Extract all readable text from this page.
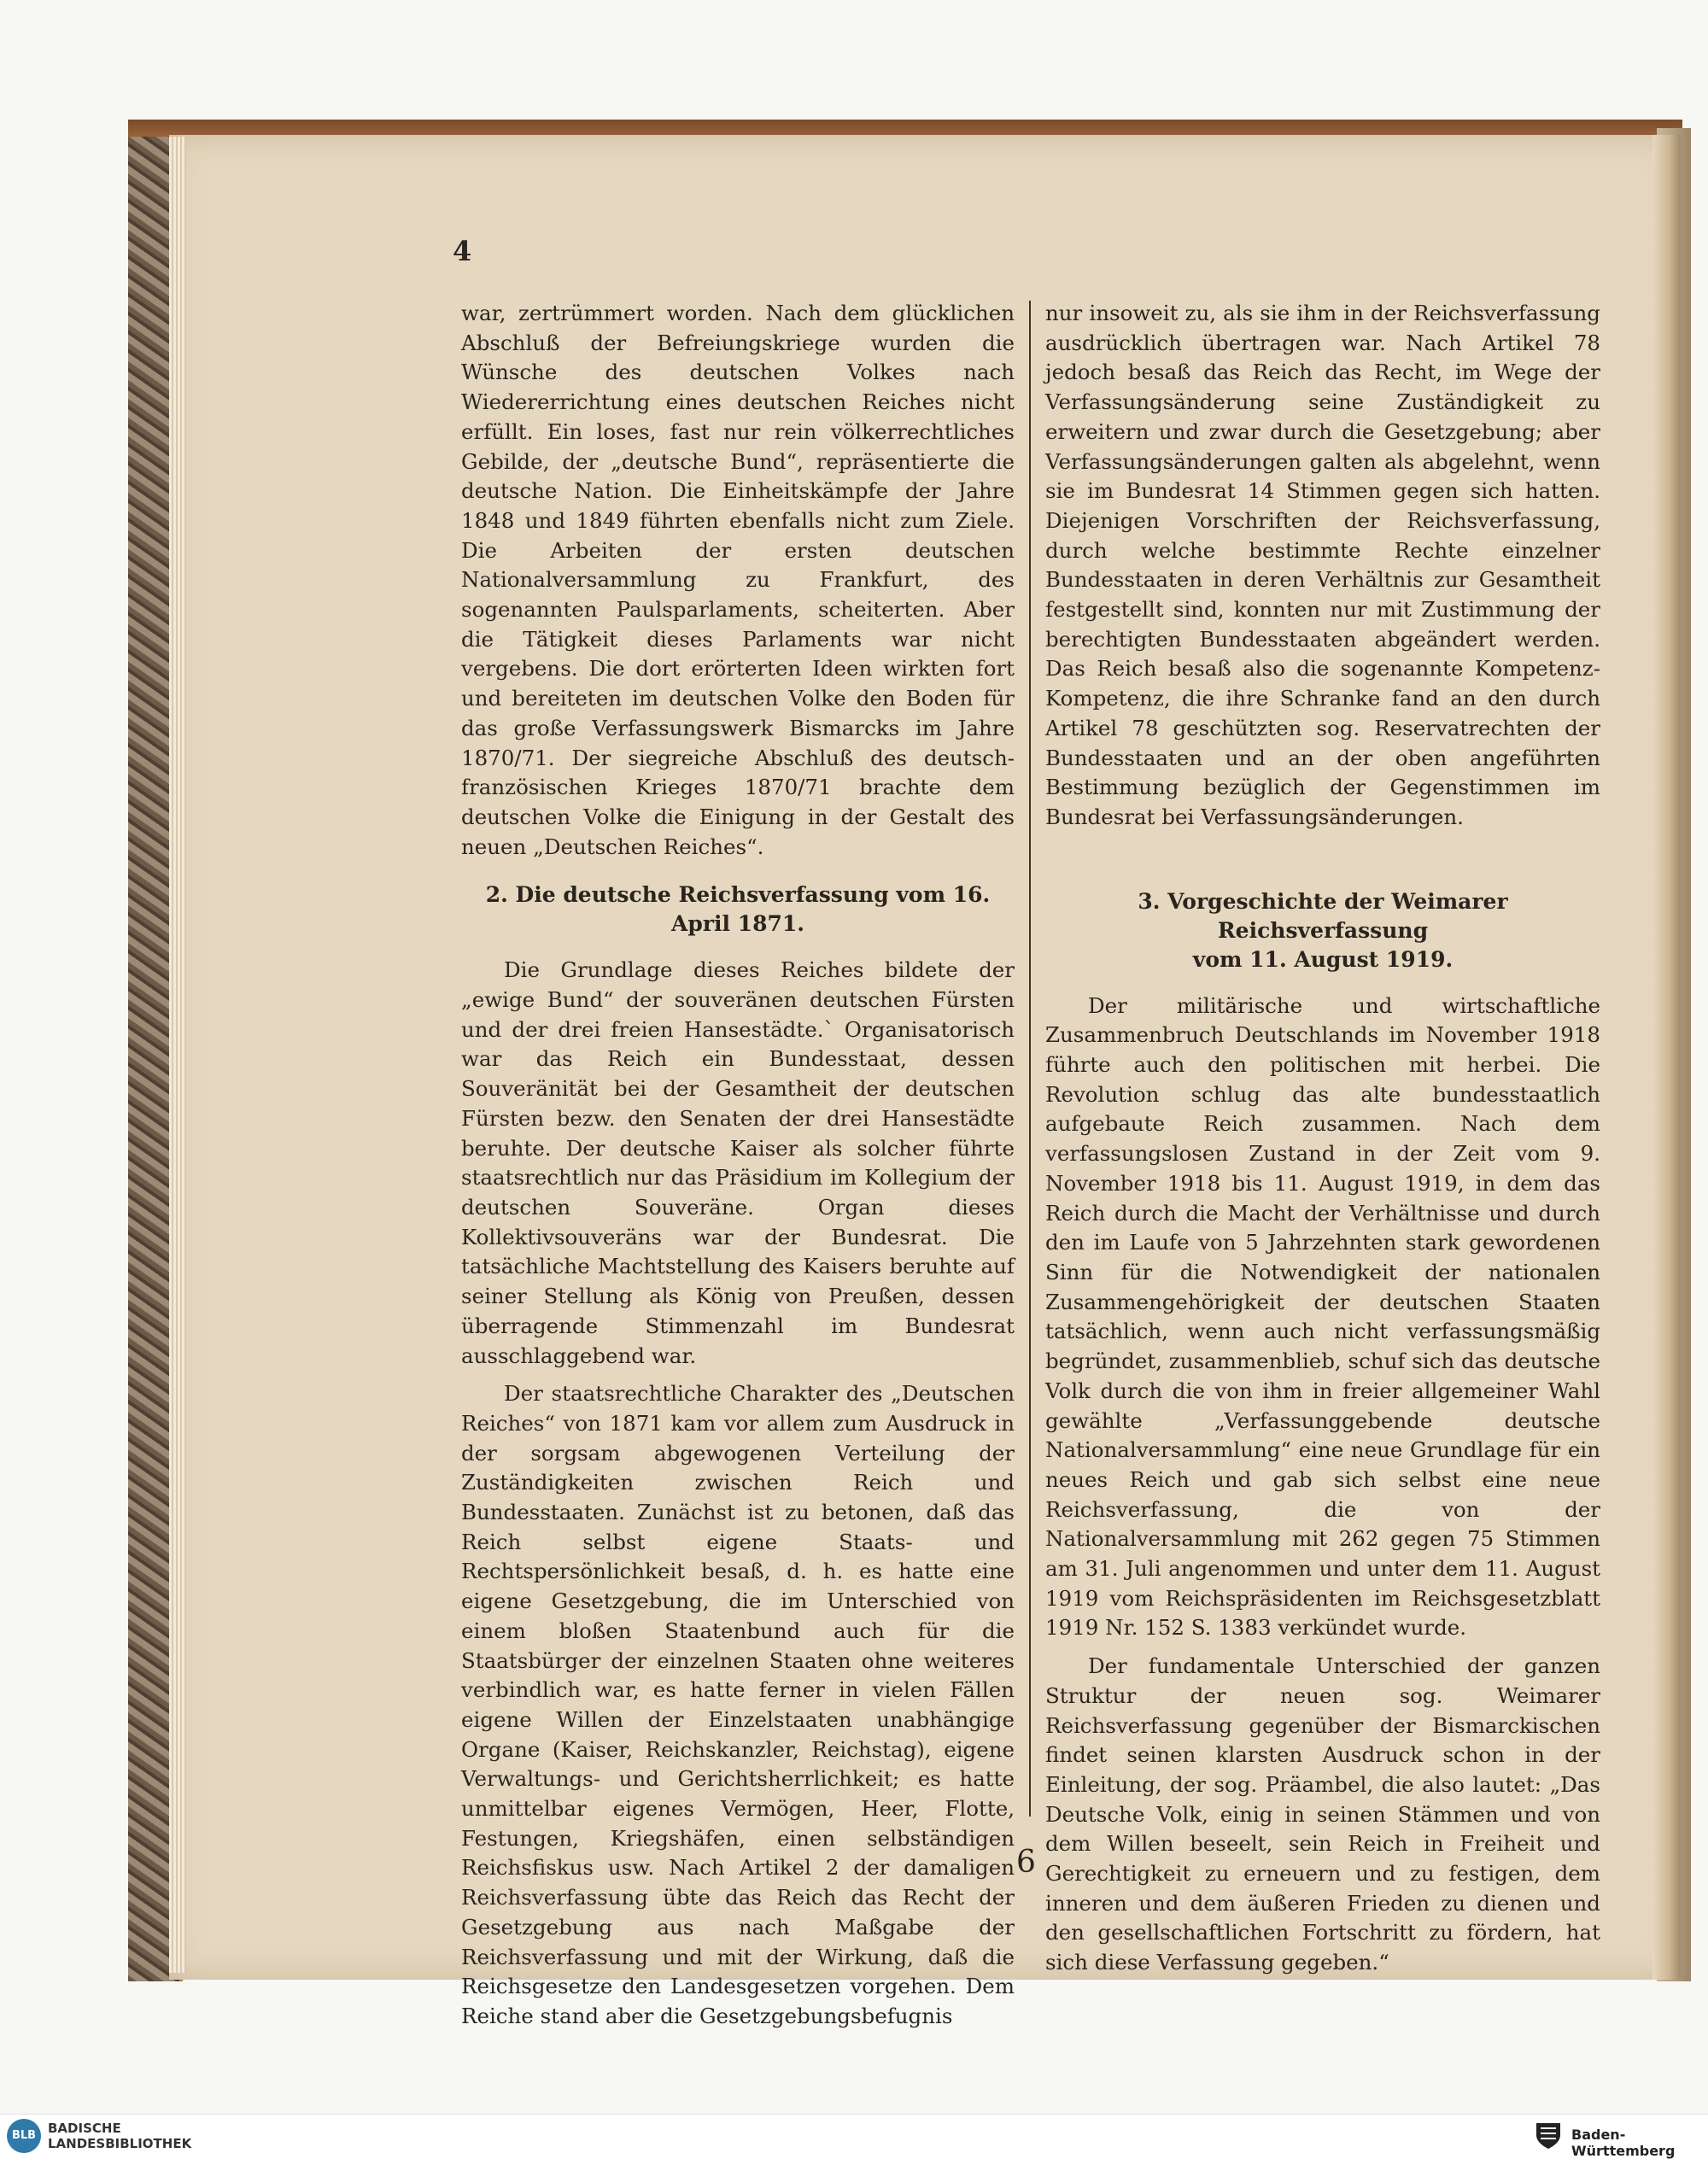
4

war, zertrümmert worden. Nach dem glücklichen Abschluß der Befreiungskriege wurden die Wünsche des deutschen Volkes nach Wiedererrichtung eines deutschen Reiches nicht erfüllt. Ein loses, fast nur rein völkerrechtliches Gebilde, der „deutsche Bund“, repräsentierte die deutsche Nation. Die Einheitskämpfe der Jahre 1848 und 1849 führten ebenfalls nicht zum Ziele. Die Arbeiten der ersten deutschen Nationalversammlung zu Frankfurt, des sogenannten Paulsparlaments, scheiterten. Aber die Tätigkeit dieses Parlaments war nicht vergebens. Die dort erörterten Ideen wirkten fort und bereiteten im deutschen Volke den Boden für das große Verfassungswerk Bismarcks im Jahre 1870/71. Der siegreiche Abschluß des deutsch-französischen Krieges 1870/71 brachte dem deutschen Volke die Einigung in der Gestalt des neuen „Deutschen Reiches“.

2. Die deutsche Reichsverfassung vom 16. April 1871.

Die Grundlage dieses Reiches bildete der „ewige Bund“ der souveränen deutschen Fürsten und der drei freien Hansestädte.` Organisatorisch war das Reich ein Bundesstaat, dessen Souveränität bei der Gesamtheit der deutschen Fürsten bezw. den Senaten der drei Hansestädte beruhte. Der deutsche Kaiser als solcher führte staatsrechtlich nur das Präsidium im Kollegium der deutschen Souveräne. Organ dieses Kollektivsouveräns war der Bundesrat. Die tatsächliche Machtstellung des Kaisers beruhte auf seiner Stellung als König von Preußen, dessen überragende Stimmenzahl im Bundesrat ausschlaggebend war.

Der staatsrechtliche Charakter des „Deutschen Reiches“ von 1871 kam vor allem zum Ausdruck in der sorgsam abgewogenen Verteilung der Zuständigkeiten zwischen Reich und Bundesstaaten. Zunächst ist zu betonen, daß das Reich selbst eigene Staats- und Rechtspersönlichkeit besaß, d. h. es hatte eine eigene Gesetzgebung, die im Unterschied von einem bloßen Staatenbund auch für die Staatsbürger der einzelnen Staaten ohne weiteres verbindlich war, es hatte ferner in vielen Fällen eigene Willen der Einzelstaaten unabhängige Organe (Kaiser, Reichskanzler, Reichstag), eigene Verwaltungs- und Gerichtsherrlichkeit; es hatte unmittelbar eigenes Vermögen, Heer, Flotte, Festungen, Kriegshäfen, einen selbständigen Reichsfiskus usw. Nach Artikel 2 der damaligen Reichsverfassung übte das Reich das Recht der Gesetzgebung aus nach Maßgabe der Reichsverfassung und mit der Wirkung, daß die Reichsgesetze den Landesgesetzen vorgehen. Dem Reiche stand aber die Gesetzgebungsbefugnis

nur insoweit zu, als sie ihm in der Reichsverfassung ausdrücklich übertragen war. Nach Artikel 78 jedoch besaß das Reich das Recht, im Wege der Verfassungsänderung seine Zuständigkeit zu erweitern und zwar durch die Gesetzgebung; aber Verfassungsänderungen galten als abgelehnt, wenn sie im Bundesrat 14 Stimmen gegen sich hatten. Diejenigen Vorschriften der Reichsverfassung, durch welche bestimmte Rechte einzelner Bundesstaaten in deren Verhältnis zur Gesamtheit festgestellt sind, konnten nur mit Zustimmung der berechtigten Bundesstaaten abgeändert werden. Das Reich besaß also die sogenannte Kompetenz-Kompetenz, die ihre Schranke fand an den durch Artikel 78 geschützten sog. Reservatrechten der Bundesstaaten und an der oben angeführten Bestimmung bezüglich der Gegenstimmen im Bundesrat bei Verfassungsänderungen.

3. Vorgeschichte der Weimarer Reichsverfassung
vom 11. August 1919.

Der militärische und wirtschaftliche Zusammenbruch Deutschlands im November 1918 führte auch den politischen mit herbei. Die Revolution schlug das alte bundesstaatlich aufgebaute Reich zusammen. Nach dem verfassungslosen Zustand in der Zeit vom 9. November 1918 bis 11. August 1919, in dem das Reich durch die Macht der Verhältnisse und durch den im Laufe von 5 Jahrzehnten stark gewordenen Sinn für die Notwendigkeit der nationalen Zusammengehörigkeit der deutschen Staaten tatsächlich, wenn auch nicht verfassungsmäßig begründet, zusammenblieb, schuf sich das deutsche Volk durch die von ihm in freier allgemeiner Wahl gewählte „Verfassunggebende deutsche Nationalversammlung“ eine neue Grundlage für ein neues Reich und gab sich selbst eine neue Reichsverfassung, die von der Nationalversammlung mit 262 gegen 75 Stimmen am 31. Juli angenommen und unter dem 11. August 1919 vom Reichspräsidenten im Reichsgesetzblatt 1919 Nr. 152 S. 1383 verkündet wurde.

Der fundamentale Unterschied der ganzen Struktur der neuen sog. Weimarer Reichsverfassung gegenüber der Bismarckischen findet seinen klarsten Ausdruck schon in der Einleitung, der sog. Präambel, die also lautet: „Das Deutsche Volk, einig in seinen Stämmen und von dem Willen beseelt, sein Reich in Freiheit und Gerechtigkeit zu erneuern und zu festigen, dem inneren und dem äußeren Frieden zu dienen und den gesellschaftlichen Fortschritt zu fördern, hat sich diese Verfassung gegeben.“

6
BLB BADISCHE
LANDESBIBLIOTHEK
Baden-Württemberg
